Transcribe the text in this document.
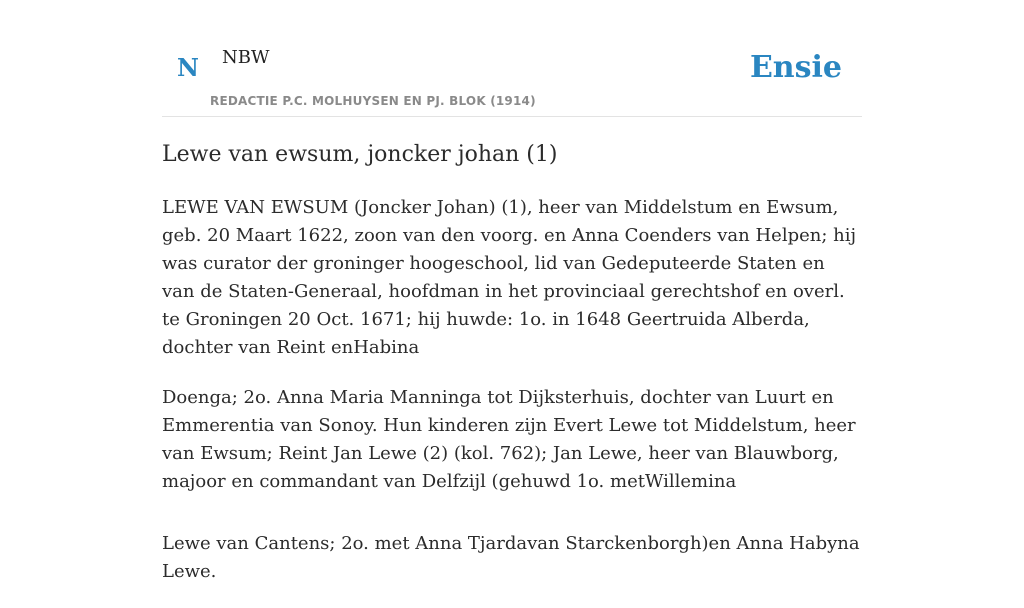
N NBW
REDACTIE P.C. MOLHUYSEN EN PJ. BLOK (1914)
Ensie
Lewe van ewsum, joncker johan (1)

LEWE VAN EWSUM (Joncker Johan) (1), heer van Middelstum en Ewsum, geb. 20 Maart 1622, zoon van den voorg. en Anna Coenders van Helpen; hij was curator der groninger hoogeschool, lid van Gedeputeerde Staten en van de Staten-Generaal, hoofdman in het provinciaal gerechtshof en overl. te Groningen 20 Oct. 1671; hij huwde: 1o. in 1648 Geertruida Alberda, dochter van Reint enHabina

Doenga; 2o. Anna Maria Manninga tot Dijksterhuis, dochter van Luurt en Emmerentia van Sonoy. Hun kinderen zijn Evert Lewe tot Middelstum, heer van Ewsum; Reint Jan Lewe (2) (kol. 762); Jan Lewe, heer van Blauwborg, majoor en commandant van Delfzijl (gehuwd 1o. metWillemina

Lewe van Cantens; 2o. met Anna Tjardavan Starckenborgh)en Anna Habyna Lewe.
